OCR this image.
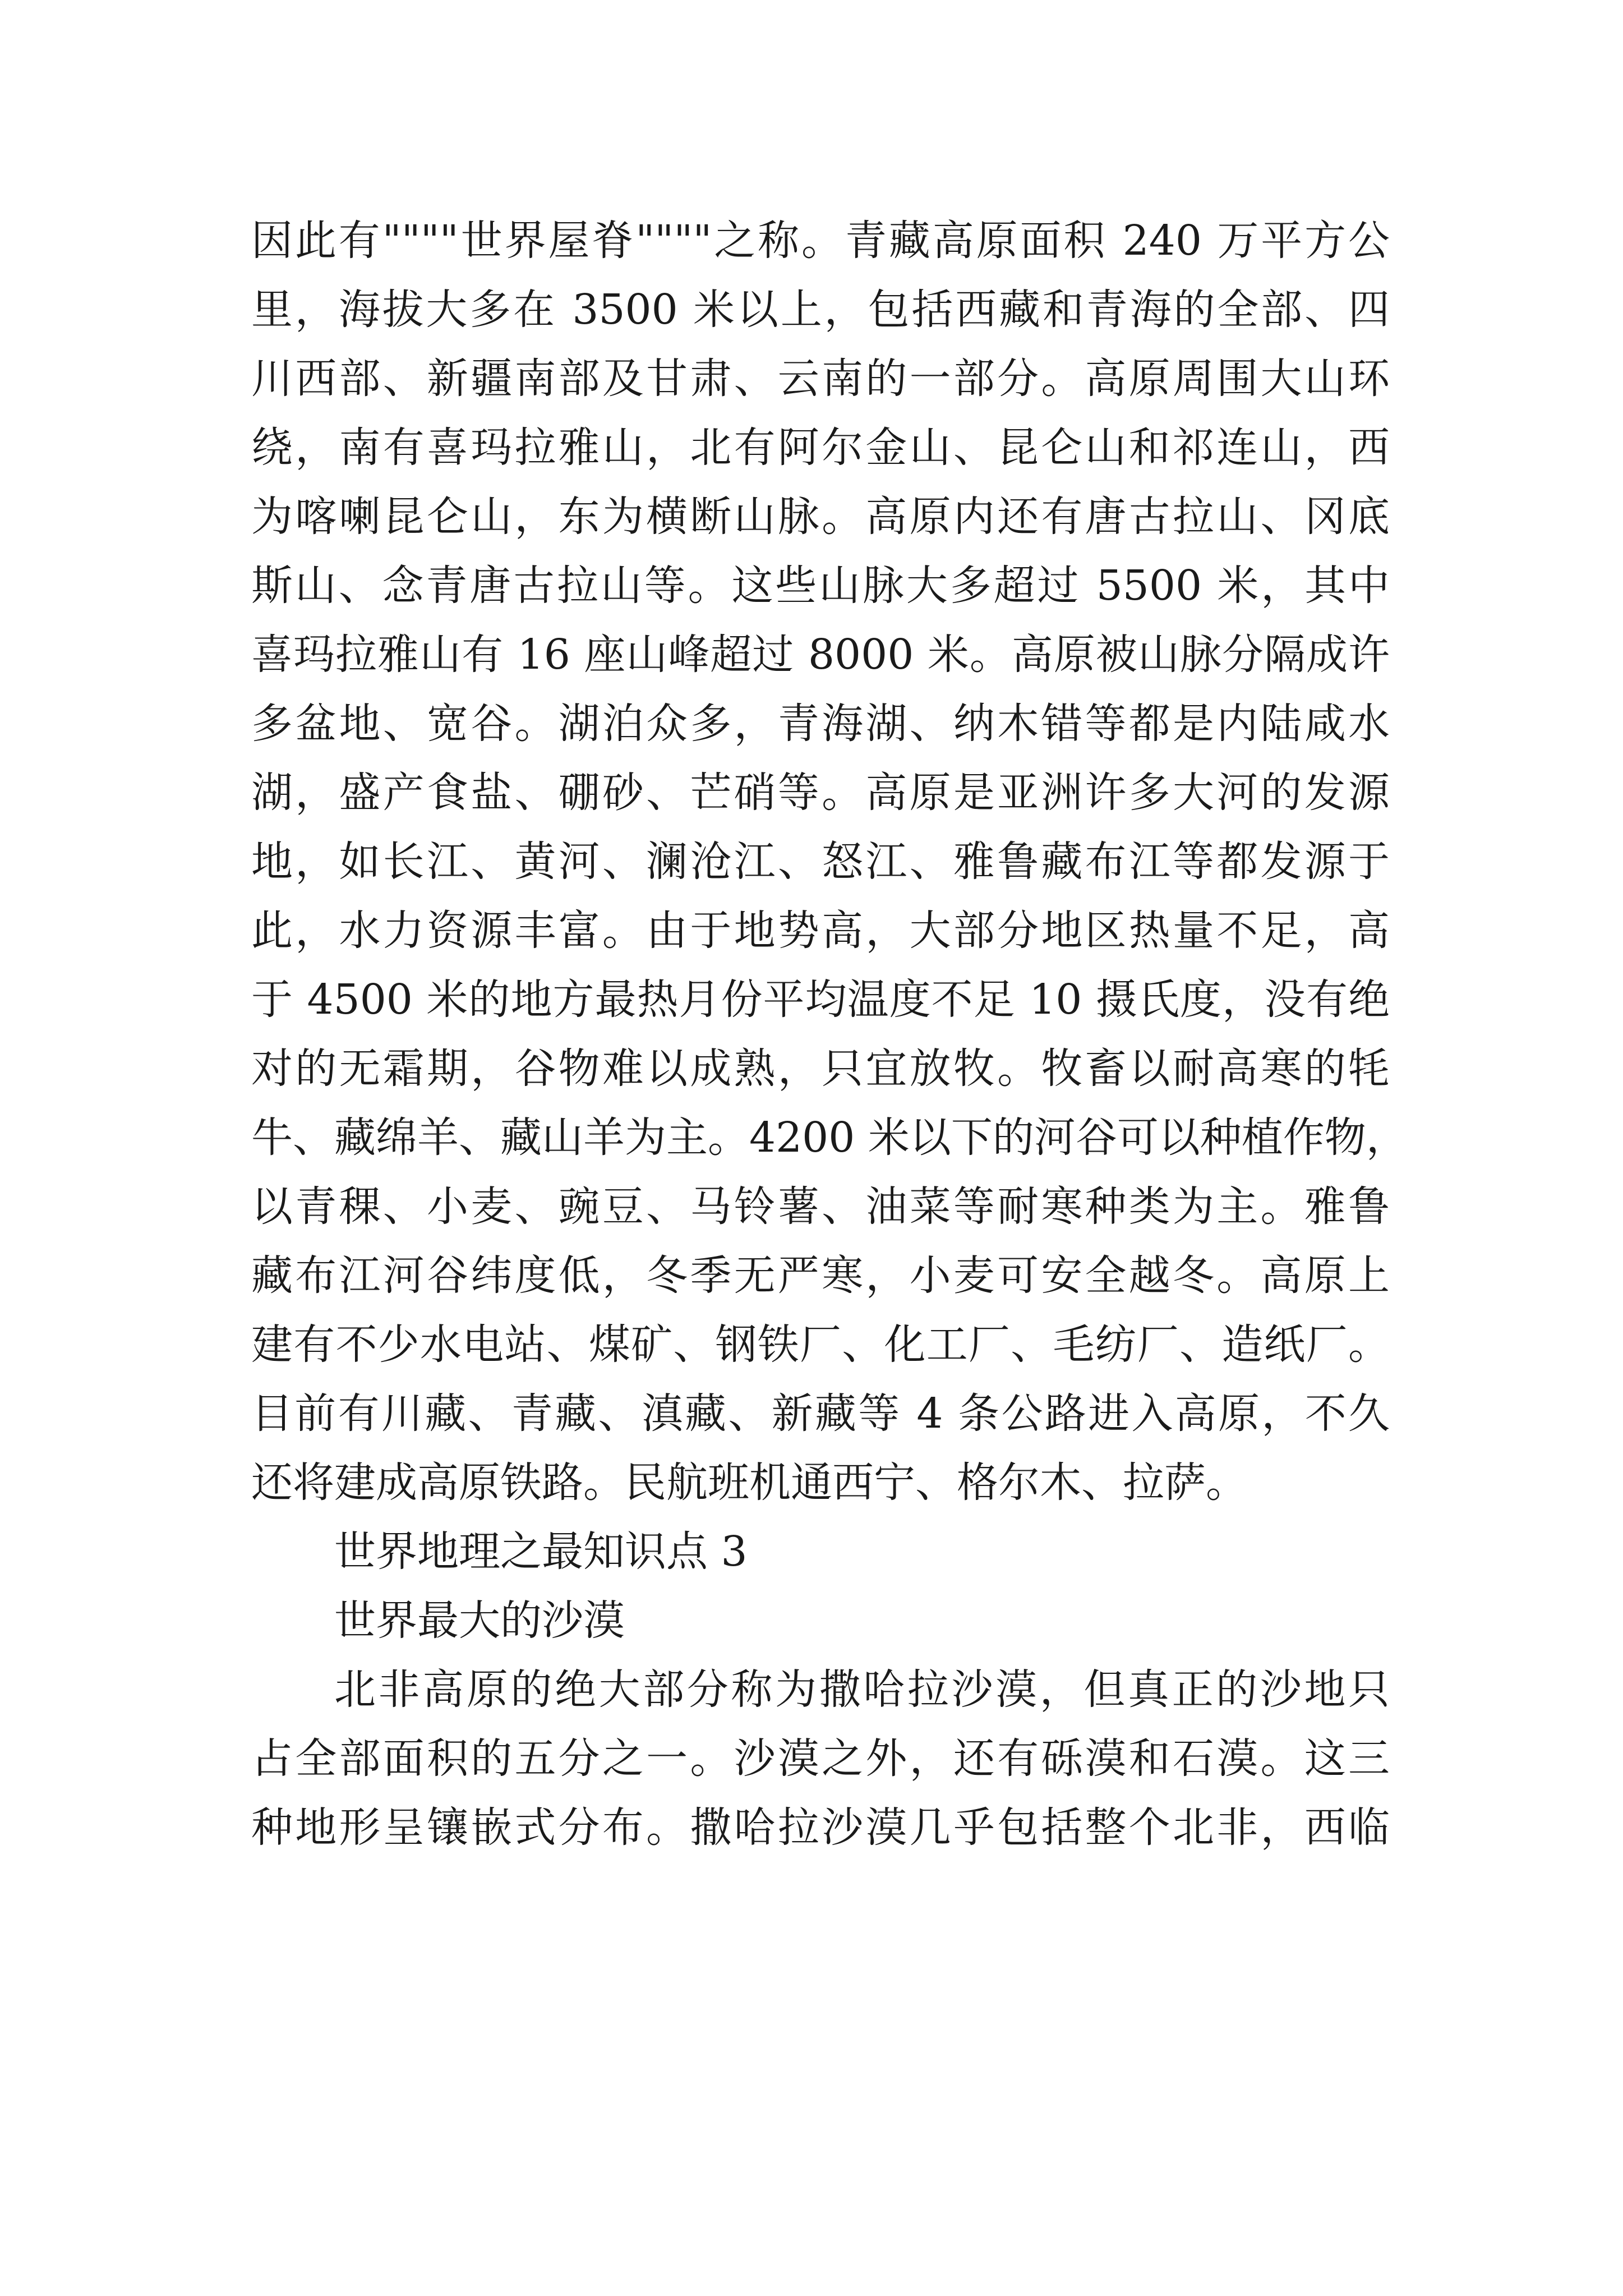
因此有""""世界屋脊""""之称。青藏高原面积 240 万平方公
里，海拔大多在 3500 米以上，包括西藏和青海的全部、四
川西部、新疆南部及甘肃、云南的一部分。高原周围大山环
绕，南有喜玛拉雅山，北有阿尔金山、昆仑山和祁连山，西
为喀喇昆仑山，东为横断山脉。高原内还有唐古拉山、冈底
斯山、念青唐古拉山等。这些山脉大多超过 5500 米，其中
喜玛拉雅山有 16 座山峰超过 8000 米。高原被山脉分隔成许
多盆地、宽谷。湖泊众多，青海湖、纳木错等都是内陆咸水
湖，盛产食盐、硼砂、芒硝等。高原是亚洲许多大河的发源
地，如长江、黄河、澜沧江、怒江、雅鲁藏布江等都发源于
此，水力资源丰富。由于地势高，大部分地区热量不足，高
于 4500 米的地方最热月份平均温度不足 10 摄氏度，没有绝
对的无霜期，谷物难以成熟，只宜放牧。牧畜以耐高寒的牦
牛、藏绵羊、藏山羊为主。4200 米以下的河谷可以种植作物，
以青稞、小麦、豌豆、马铃薯、油菜等耐寒种类为主。雅鲁
藏布江河谷纬度低，冬季无严寒，小麦可安全越冬。高原上
建有不少水电站、煤矿、钢铁厂、化工厂、毛纺厂、造纸厂。
目前有川藏、青藏、滇藏、新藏等 4 条公路进入高原，不久
还将建成高原铁路。民航班机通西宁、格尔木、拉萨。
世界地理之最知识点 3
世界最大的沙漠
北非高原的绝大部分称为撒哈拉沙漠，但真正的沙地只
占全部面积的五分之一。沙漠之外，还有砾漠和石漠。这三
种地形呈镶嵌式分布。撒哈拉沙漠几乎包括整个北非，西临
